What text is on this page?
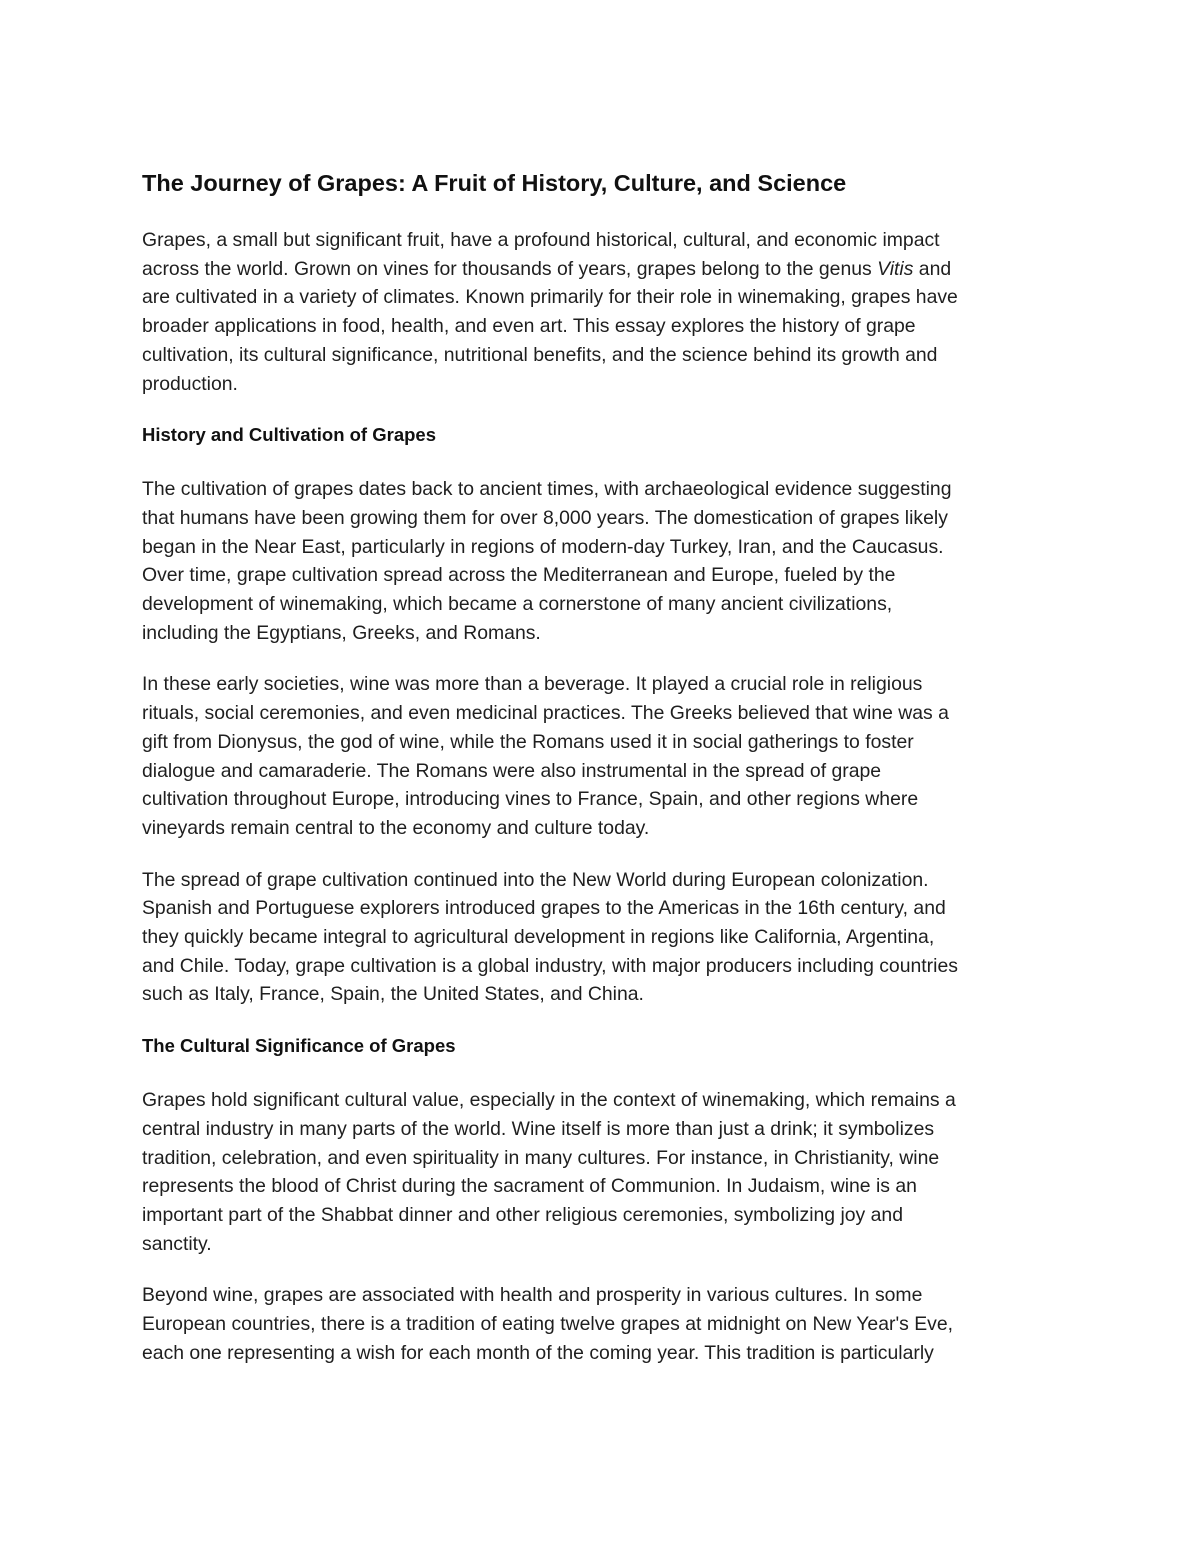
The Journey of Grapes: A Fruit of History, Culture, and Science

Grapes, a small but significant fruit, have a profound historical, cultural, and economic impact
across the world. Grown on vines for thousands of years, grapes belong to the genus Vitis and
are cultivated in a variety of climates. Known primarily for their role in winemaking, grapes have
broader applications in food, health, and even art. This essay explores the history of grape
cultivation, its cultural significance, nutritional benefits, and the science behind its growth and
production.

History and Cultivation of Grapes

The cultivation of grapes dates back to ancient times, with archaeological evidence suggesting
that humans have been growing them for over 8,000 years. The domestication of grapes likely
began in the Near East, particularly in regions of modern-day Turkey, Iran, and the Caucasus.
Over time, grape cultivation spread across the Mediterranean and Europe, fueled by the
development of winemaking, which became a cornerstone of many ancient civilizations,
including the Egyptians, Greeks, and Romans.

In these early societies, wine was more than a beverage. It played a crucial role in religious
rituals, social ceremonies, and even medicinal practices. The Greeks believed that wine was a
gift from Dionysus, the god of wine, while the Romans used it in social gatherings to foster
dialogue and camaraderie. The Romans were also instrumental in the spread of grape
cultivation throughout Europe, introducing vines to France, Spain, and other regions where
vineyards remain central to the economy and culture today.

The spread of grape cultivation continued into the New World during European colonization.
Spanish and Portuguese explorers introduced grapes to the Americas in the 16th century, and
they quickly became integral to agricultural development in regions like California, Argentina,
and Chile. Today, grape cultivation is a global industry, with major producers including countries
such as Italy, France, Spain, the United States, and China.

The Cultural Significance of Grapes

Grapes hold significant cultural value, especially in the context of winemaking, which remains a
central industry in many parts of the world. Wine itself is more than just a drink; it symbolizes
tradition, celebration, and even spirituality in many cultures. For instance, in Christianity, wine
represents the blood of Christ during the sacrament of Communion. In Judaism, wine is an
important part of the Shabbat dinner and other religious ceremonies, symbolizing joy and
sanctity.

Beyond wine, grapes are associated with health and prosperity in various cultures. In some
European countries, there is a tradition of eating twelve grapes at midnight on New Year's Eve,
each one representing a wish for each month of the coming year. This tradition is particularly
